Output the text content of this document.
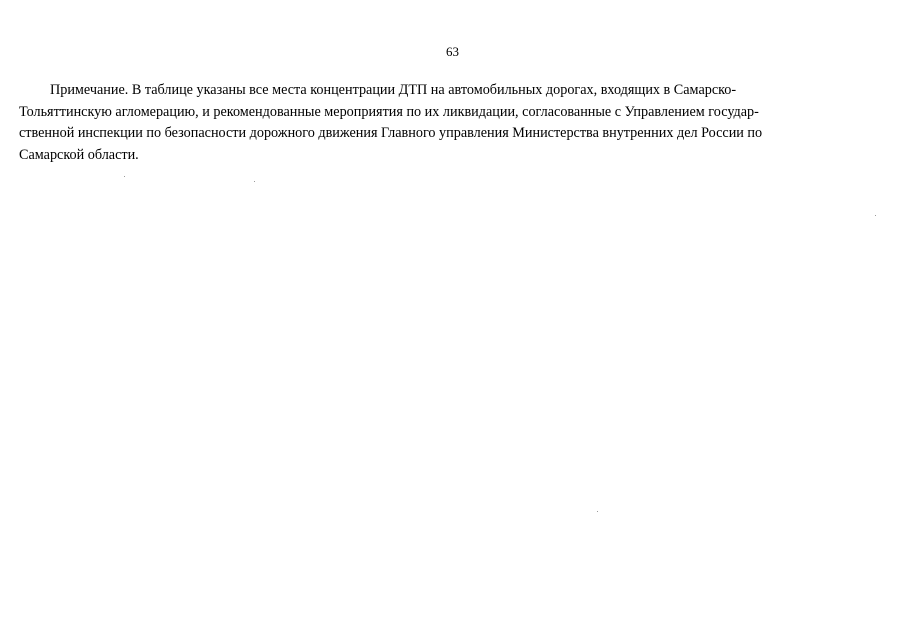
63

Примечание. В таблице указаны все места концентрации ДТП на автомобильных дорогах, входящих в Самарско-
Тольяттинскую агломерацию, и рекомендованные мероприятия по их ликвидации, согласованные с Управлением государ-
ственной инспекции по безопасности дорожного движения Главного управления Министерства внутренних дел России по
Самарской области.
